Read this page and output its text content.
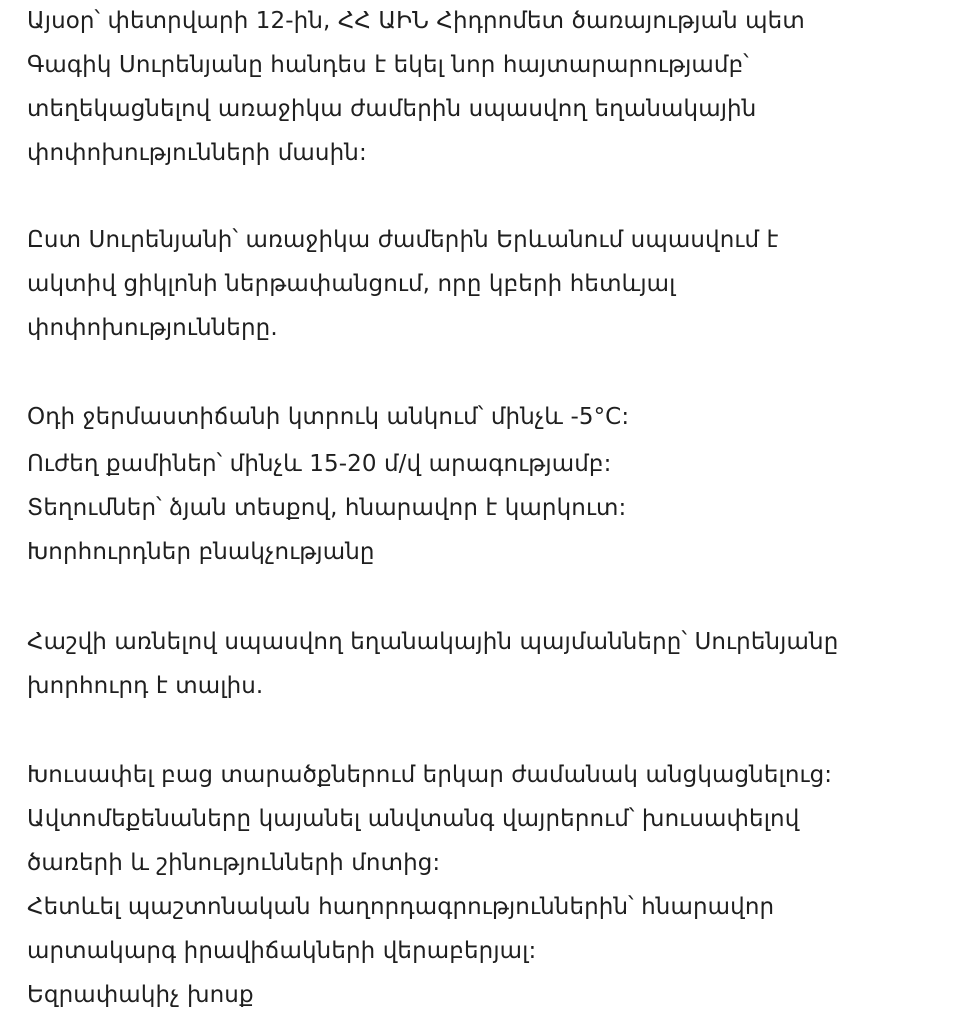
Այսօր՝ փետրվարի 12-ին, ՀՀ ԱԻՆ Հիդրոմետ ծառայության պետ
Գագիկ Սուրենյանը հանդես է եկել նոր հայտարարությամբ՝
տեղեկացնելով առաջիկա ժամերին սպասվող եղանակային
փոփոխությունների մասին:
Ըստ Սուրենյանի՝ առաջիկա ժամերին Երևանում սպասվում է
ակտիվ ցիկլոնի ներթափանցում, որը կբերի հետևյալ
փոփոխությունները.
Օդի ջերմաստիճանի կտրուկ անկում՝ մինչև -5°C:
Ուժեղ քամիներ՝ մինչև 15-20 մ/վ արագությամբ:
Տեղումներ՝ ձյան տեսքով, հնարավոր է կարկուտ:
Խորհուրդներ բնակչությանը
Հաշվի առնելով սպասվող եղանակային պայմանները՝ Սուրենյանը
խորհուրդ է տալիս.
Խուսափել բաց տարածքներում երկար ժամանակ անցկացնելուց:
Ավտոմեքենաները կայանել անվտանգ վայրերում՝ խուսափելով
ծառերի և շինությունների մոտից:
Հետևել պաշտոնական հաղորդագրություններին՝ հնարավոր
արտակարգ իրավիճակների վերաբերյալ:
Եզրափակիչ խոսք
